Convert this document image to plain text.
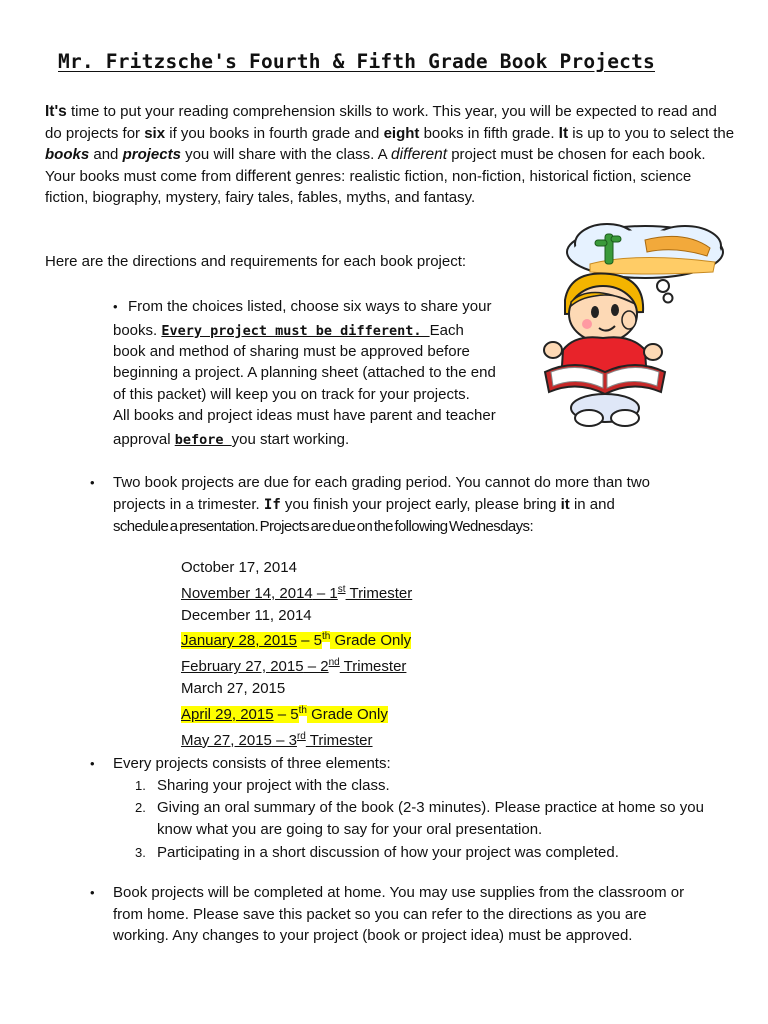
Mr. Fritzsche's Fourth & Fifth Grade Book Projects

It's time to put your reading comprehension skills to work. This year, you will be expected to read and do projects for six if you books in fourth grade and eight books in fifth grade. It is up to you to select the books and projects you will share with the class. A different project must be chosen for each book. Your books must come from different genres: realistic fiction, non-fiction, historical fiction, science fiction, biography, mystery, fairy tales, fables, myths, and fantasy.

Here are the directions and requirements for each book project:

• From the choices listed, choose six ways to share your
books. Every project must be different. Each
book and method of sharing must be approved before
beginning a project. A planning sheet (attached to the end
of this packet) will keep you on track for your projects.
All books and project ideas must have parent and teacher
approval before you start working.
• Two book projects are due for each grading period. You cannot do more than two projects in a trimester. If you finish your project early, please bring it in and
schedule a presentation. Projects are due on the following Wednesdays:
October 17, 2014
November 14, 2014 – 1st Trimester
December 11, 2014
January 28, 2015 – 5th Grade Only
February 27, 2015 – 2nd Trimester
March 27, 2015
April 29, 2015 – 5th Grade Only
May 27, 2015 – 3rd Trimester
• Every projects consists of three elements:
1. Sharing your project with the class.
2. Giving an oral summary of the book (2-3 minutes). Please practice at home so you know what you are going to say for your oral presentation.
3. Participating in a short discussion of how your project was completed.
• Book projects will be completed at home. You may use supplies from the classroom or from home. Please save this packet so you can refer to the directions as you are working. Any changes to your project (book or project idea) must be approved.
